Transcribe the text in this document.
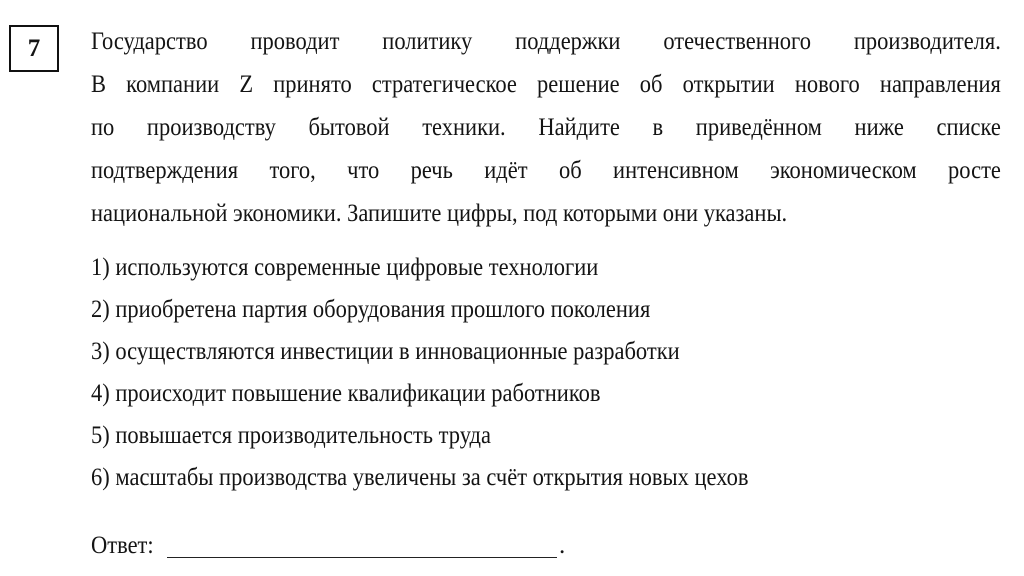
7 Государство проводит политику поддержки отечественного производителя.
В компании Z принято стратегическое решение об открытии нового направления
по производству бытовой техники. Найдите в приведённом ниже списке
подтверждения того, что речь идёт об интенсивном экономическом росте
национальной экономики. Запишите цифры, под которыми они указаны.
1) используются современные цифровые технологии
2) приобретена партия оборудования прошлого поколения
3) осуществляются инвестиции в инновационные разработки
4) происходит повышение квалификации работников
5) повышается производительность труда
6) масштабы производства увеличены за счёт открытия новых цехов
Ответ:	.
